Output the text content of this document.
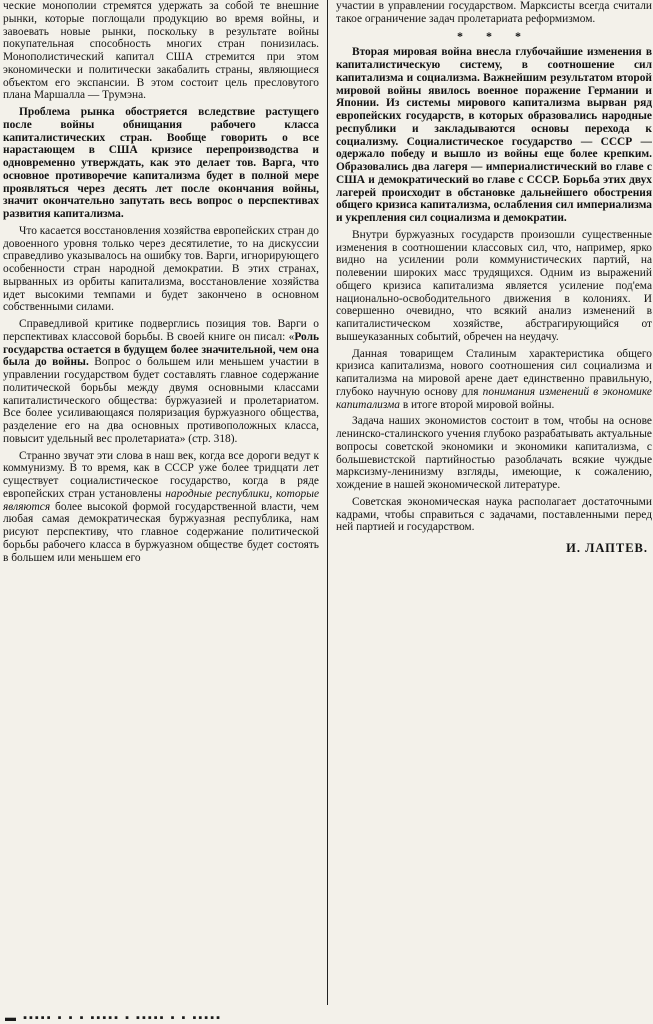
ческие монополии стремятся удержать за собой те внешние рынки, которые поглощали продукцию во время войны, и завоевать новые рынки, поскольку в результате войны покупательная способность многих стран понизилась. Монополистический капитал США стремится при этом экономически и политически закабалить страны, являющиеся объектом его экспансии. В этом состоит цель пресловутого плана Маршалла — Трумэна.

Проблема рынка обостряется вследствие растущего после войны обнищания рабочего класса капиталистических стран. Вообще говорить о все нарастающем в США кризисе перепроизводства и одновременно утверждать, как это делает тов. Варга, что основное противоречие капитализма будет в полной мере проявляться через десять лет после окончания войны, значит окончательно запутать весь вопрос о перспективах развития капитализма.

Что касается восстановления хозяйства европейских стран до довоенного уровня только через десятилетие, то на дискуссии справедливо указывалось на ошибку тов. Варги, игнорирующего особенности стран народной демократии. В этих странах, вырванных из орбиты капитализма, восстановление хозяйства идет высокими темпами и будет закончено в основном собственными силами.

Справедливой критике подверглись позиция тов. Варги о перспективах классовой борьбы. В своей книге он писал: «Роль государства остается в будущем более значительной, чем она была до войны. Вопрос о большем или меньшем участии в управлении государством будет составлять главное содержание политической борьбы между двумя основными классами капиталистического общества: буржуазией и пролетариатом. Все более усиливающаяся поляризация буржуазного общества, разделение его на два основных противоположных класса, повысит удельный вес пролетариата» (стр. 318).

Странно звучат эти слова в наш век, когда все дороги ведут к коммунизму. В то время, как в СССР уже более тридцати лет существует социалистическое государство, когда в ряде европейских стран установлены народные республики, которые являются более высокой формой государственной власти, чем любая самая демократическая буржуазная республика, нам рисуют перспективу, что главное содержание политической борьбы рабочего класса в буржуазном обществе будет состоять в большем или меньшем его

участии в управлении государством. Марксисты всегда считали такое ограничение задач пролетариата реформизмом.

* * *

Вторая мировая война внесла глубочайшие изменения в капиталистическую систему, в соотношение сил капитализма и социализма. Важнейшим результатом второй мировой войны явилось военное поражение Германии и Японии. Из системы мирового капитализма вырван ряд европейских государств, в которых образовались народные республики и закладываются основы перехода к социализму. Социалистическое государство — СССР — одержало победу и вышло из войны еще более крепким. Образовались два лагеря — империалистический во главе с США и демократический во главе с СССР. Борьба этих двух лагерей происходит в обстановке дальнейшего обострения общего кризиса капитализма, ослабления сил империализма и укрепления сил социализма и демократии.

Внутри буржуазных государств произошли существенные изменения в соотношении классовых сил, что, например, ярко видно на усилении роли коммунистических партий, на полевении широких масс трудящихся. Одним из выражений общего кризиса капитализма является усиление под'ема национально-освободительного движения в колониях. И совершенно очевидно, что всякий анализ изменений в капиталистическом хозяйстве, абстрагирующийся от вышеуказанных событий, обречен на неудачу.

Данная товарищем Сталиным характеристика общего кризиса капитализма, нового соотношения сил социализма и капитализма на мировой арене дает единственно правильную, глубоко научную основу для понимания изменений в экономике капитализма в итоге второй мировой войны.

Задача наших экономистов состоит в том, чтобы на основе ленинско-сталинского учения глубоко разрабатывать актуальные вопросы советской экономики и экономики капитализма, с большевистской партийностью разоблачать всякие чуждые марксизму-ленинизму взгляды, имеющие, к сожалению, хождение в нашей экономической литературе.

Советская экономическая наука располагает достаточными кадрами, чтобы справиться с задачами, поставленными перед ней партией и государством.

И. ЛАПТЕВ.

▬ ▪▪▪▪▪ ▪ ▪ ▪ ▪▪▪▪▪ ▪ ▪▪▪▪▪ ▪ ▪ ▪▪▪▪▪
